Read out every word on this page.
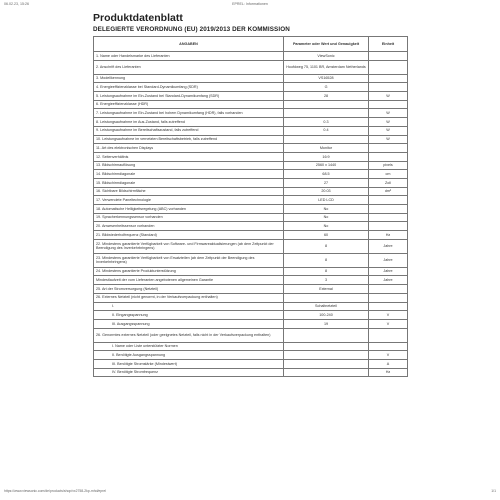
06.02.23, 15:26	EPREL: Informationen
Produktdatenblatt
DELEGIERTE VERORDNUNG (EU) 2019/2013 DER KOMMISSION
ANGABEN	Parameter oder Wert und Genauigkeit	Einheit
1. Name oder Handelsmarke des Lieferanten	ViewSonic	
2. Anschrift des Lieferanten	Hoofdweg 75, 1101 BR, Amsterdam Netherlands	
3. Modellkennung	VS16528	
4. Energieeffizienzklasse bei Standard-Dynamikumfang (SDR)	G	
5. Leistungsaufnahme im Ein-Zustand bei Standard-Dynamikumfang (SDR)	28	W
6. Energieeffizienzklasse (HDR)		
7. Leistungsaufnahme im Ein-Zustand bei hohem Dynamikumfang (HDR), falls vorhanden		W
8. Leistungsaufnahme im Aus-Zustand, falls zutreffend	0.3	W
9. Leistungsaufnahme im Bereitschaftszustand, falls zutreffend	0.4	W
10. Leistungsaufnahme im vernetzten Bereitschaftsbetrieb, falls zutreffend		W
11. Art des elektronischen Displays	Monitor	
12. Seitenverhältnis	16:9	
13. Bildschirmauflösung	2560 x 1440	pixels
14. Bildschirmdiagonale	68.5	cm
15. Bildschirmdiagonale	27	Zoll
16. Sichtbare Bildschirmfläche	20.03	dm²
17. Verwendete Paneltechnologie	LED LCD	
18. Automatische Helligkeitsregelung (ABC) vorhanden	No	
19. Spracherkennungssensor vorhanden	No	
20. Anwesenheitssensor vorhanden	No	
21. Bildwiederholfrequenz (Standard)	60	Hz
22. Mindestens garantierte Verfügbarkeit von Software- und Firmwareaktualisierungen (ab dem Zeitpunkt der Beendigung des Inverkehrbringens)	8	Jahre
23. Mindestens garantierte Verfügbarkeit von Ersatzteilen (ab dem Zeitpunkt der Beendigung des Inverkehrbringens)	8	Jahre
24. Mindestens garantierte Produktunterstützung	8	Jahre
Mindestlaufzeit der vom Lieferanten angebotenen allgemeinen Garantie	3	Jahre
25. Art der Stromversorgung (Netzteil)	External	
26. Externes Netzteil (nicht genormt, in der Verkaufsverpackung enthalten)		
I.	Schaltnetzteil	
II. Eingangsspannung	100-240	V
III. Ausgangsspannung	19	V
26. Genormtes externes Netzteil (oder geeignetes Netzteil, falls nicht in der Verkaufsverpackung enthalten)		
I. Name oder Liste unterstützter Normen		
II. Benötigte Ausgangsspannung		V
III. Benötigte Stromstärke (Mindestwert)		A
IV. Benötigte Stromfrequenz		Hz
https://www.viewsonic.com/de/products/shop/vx2758-2kp-mhd/eprel	1/1
